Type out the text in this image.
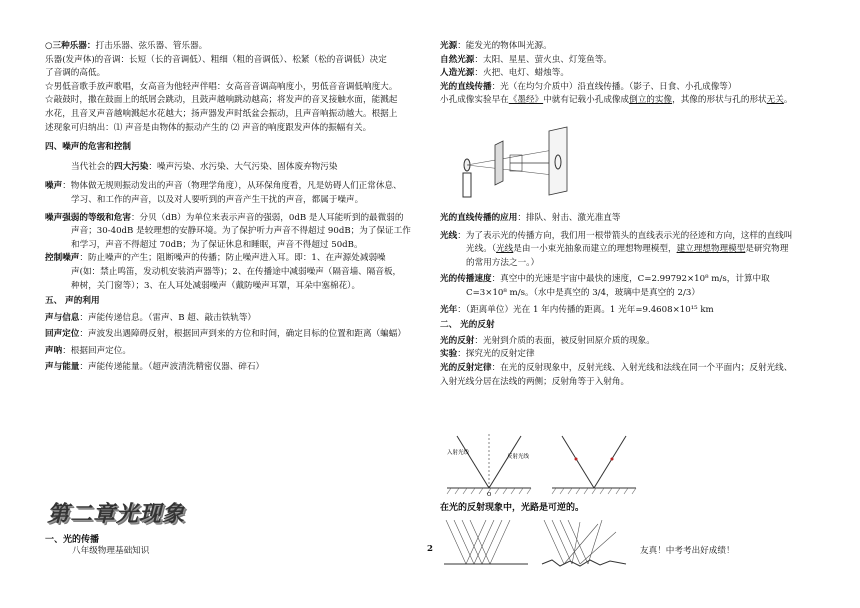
○三种乐器：打击乐器、弦乐器、管乐器。

乐器(发声体)的音调：长短（长的音调低）、粗细（粗的音调低）、松紧（松的音调低）决定

了音调的高低。

☆男低音歌手放声歌唱，女高音为他轻声伴唱：女高音音调高响度小，男低音音调低响度大。

☆敲鼓时，撒在鼓面上的纸屑会跳动，且鼓声越响跳动越高；将发声的音叉接触水面，能溅起

水花，且音叉声音越响溅起水花越大；扬声器发声时纸盆会振动，且声音响振动越大。根据上

述现象可归纳出：⑴ 声音是由物体的振动产生的 ⑵ 声音的响度跟发声体的振幅有关。

四、噪声的危害和控制

当代社会的四大污染：噪声污染、水污染、大气污染、固体废弃物污染

噪声：物体做无规则振动发出的声音（物理学角度），从环保角度看，凡是妨碍人们正常休息、

学习、和工作的声音，以及对人要听到的声音产生干扰的声音，都属于噪声。

噪声强弱的等级和危害：分贝（dB）为单位来表示声音的强弱，0dB 是人耳能听到的最微弱的

声音；30-40dB 是较理想的安静环境。为了保护听力声音不得超过 90dB；为了保证工作

和学习，声音不得超过 70dB；为了保证休息和睡眠，声音不得超过 50dB。

控制噪声：防止噪声的产生；阻断噪声的传播；防止噪声进入耳。即：1、在声源处减弱噪

声(如：禁止鸣笛，发动机安装消声器等)；2、在传播途中减弱噪声（隔音墙、隔音板，

种树，关门窗等）；3、在人耳处减弱噪声（戴防噪声耳罩，耳朵中塞棉花）。

五、 声的利用

声与信息：声能传递信息。（雷声、B 超、敲击铁轨等）

回声定位：声波发出遇障碍反射，根据回声到来的方位和时间，确定目标的位置和距离（蝙蝠）

声呐：根据回声定位。

声与能量：声能传递能量。（超声波清洗精密仪器、碎石）

第二章光现象
一、光的传播

光源：能发光的物体叫光源。

自然光源：太阳、星星、萤火虫、灯笼鱼等。

人造光源：火把、电灯、蜡烛等。

光的直线传播：光（在均匀介质中）沿直线传播。（影子、日食、小孔成像等）

小孔成像实验早在《墨经》中就有记载小孔成像成倒立的实像，其像的形状与孔的形状无关。

光的直线传播的应用：排队、射击、激光准直等

光线：为了表示光的传播方向，我们用一根带箭头的直线表示光的径迹和方向，这样的直线叫

光线。（光线是由一小束光抽象而建立的理想物理模型，建立理想物理模型是研究物理

的常用方法之一。）

光的传播速度：真空中的光速是宇宙中最快的速度，C=2.99792×10⁸ m/s，计算中取

C=3×10⁸ m/s。（水中是真空的 3/4，玻璃中是真空的 2/3）

光年：（距离单位）光在 1 年内传播的距离。1 光年=9.4608×10¹⁵ km

二、 光的反射

光的反射：光射到介质的表面，被反射回原介质的现象。

实验：探究光的反射定律

光的反射定律：在光的反射现象中，反射光线、入射光线和法线在同一个平面内；反射光线、

入射光线分居在法线的两侧；反射角等于入射角。

入射光线
反射光线
O
在光的反射现象中，光路是可逆的。
八年级物理基础知识	2	友真！中考考出好成绩！
